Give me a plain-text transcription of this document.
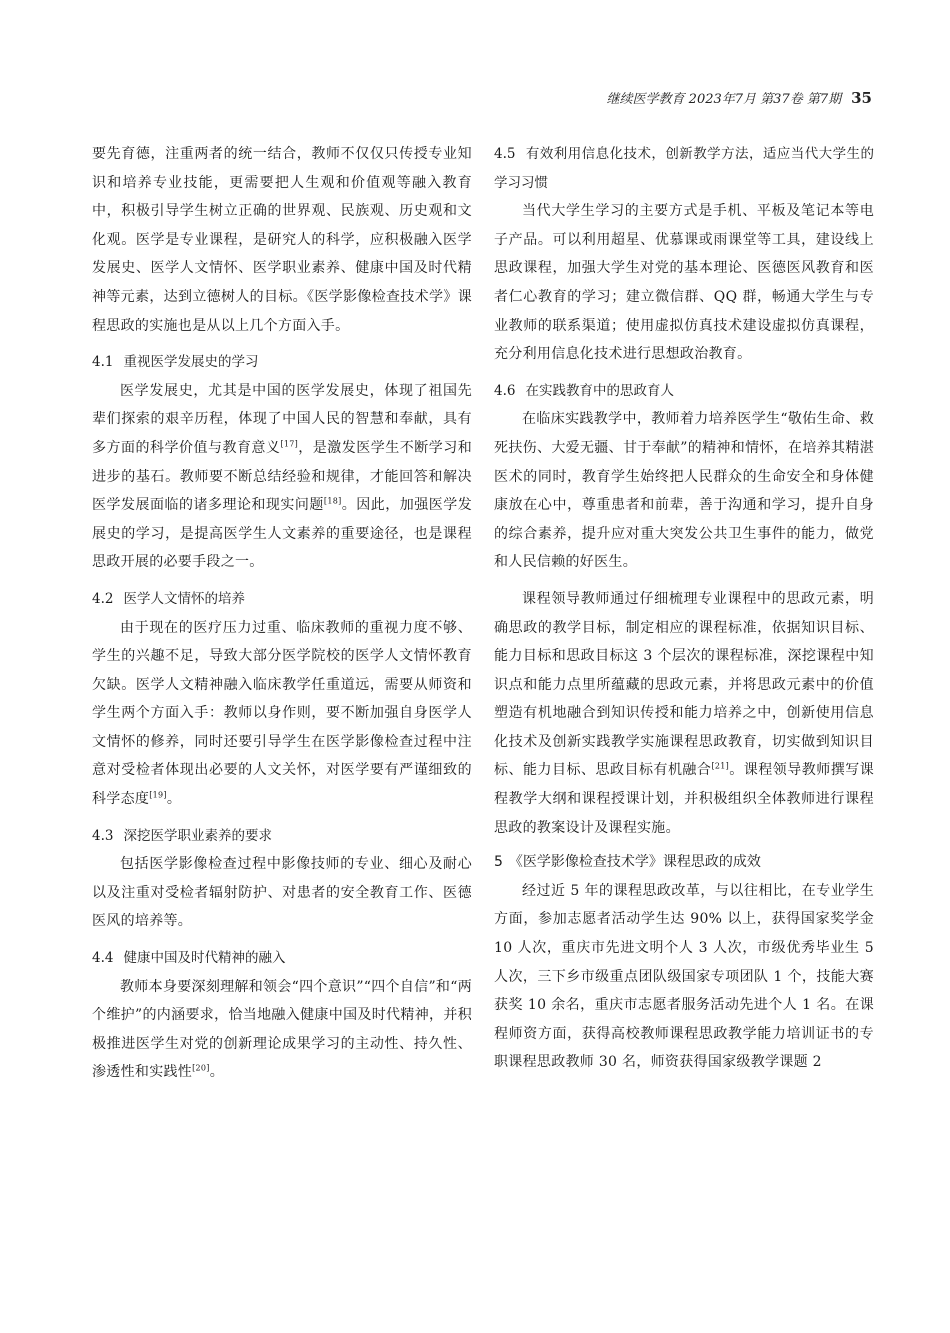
继续医学教育 2023年7月 第37卷 第7期 35

要先育德，注重两者的统一结合，教师不仅仅只传授专业知识和培养专业技能，更需要把人生观和价值观等融入教育中，积极引导学生树立正确的世界观、民族观、历史观和文化观。医学是专业课程，是研究人的科学，应积极融入医学发展史、医学人文情怀、医学职业素养、健康中国及时代精神等元素，达到立德树人的目标。《医学影像检查技术学》课程思政的实施也是从以上几个方面入手。

4.1 重视医学发展史的学习

医学发展史，尤其是中国的医学发展史，体现了祖国先辈们探索的艰辛历程，体现了中国人民的智慧和奉献，具有多方面的科学价值与教育意义[17]，是激发医学生不断学习和进步的基石。教师要不断总结经验和规律，才能回答和解决医学发展面临的诸多理论和现实问题[18]。因此，加强医学发展史的学习，是提高医学生人文素养的重要途径，也是课程思政开展的必要手段之一。

4.2 医学人文情怀的培养

由于现在的医疗压力过重、临床教师的重视力度不够、学生的兴趣不足，导致大部分医学院校的医学人文情怀教育欠缺。医学人文精神融入临床教学任重道远，需要从师资和学生两个方面入手：教师以身作则，要不断加强自身医学人文情怀的修养，同时还要引导学生在医学影像检查过程中注意对受检者体现出必要的人文关怀，对医学要有严谨细致的科学态度[19]。

4.3 深挖医学职业素养的要求

包括医学影像检查过程中影像技师的专业、细心及耐心以及注重对受检者辐射防护、对患者的安全教育工作、医德医风的培养等。

4.4 健康中国及时代精神的融入

教师本身要深刻理解和领会“四个意识”“四个自信”和“两个维护”的内涵要求，恰当地融入健康中国及时代精神，并积极推进医学生对党的创新理论成果学习的主动性、持久性、渗透性和实践性[20]。

4.5 有效利用信息化技术，创新教学方法，适应当代大学生的学习习惯

当代大学生学习的主要方式是手机、平板及笔记本等电子产品。可以利用超星、优慕课或雨课堂等工具，建设线上思政课程，加强大学生对党的基本理论、医德医风教育和医者仁心教育的学习；建立微信群、QQ 群，畅通大学生与专业教师的联系渠道；使用虚拟仿真技术建设虚拟仿真课程，充分利用信息化技术进行思想政治教育。

4.6 在实践教育中的思政育人

在临床实践教学中，教师着力培养医学生“敬佑生命、救死扶伤、大爱无疆、甘于奉献”的精神和情怀，在培养其精湛医术的同时，教育学生始终把人民群众的生命安全和身体健康放在心中，尊重患者和前辈，善于沟通和学习，提升自身的综合素养，提升应对重大突发公共卫生事件的能力，做党和人民信赖的好医生。

课程领导教师通过仔细梳理专业课程中的思政元素，明确思政的教学目标，制定相应的课程标准，依据知识目标、能力目标和思政目标这 3 个层次的课程标准，深挖课程中知识点和能力点里所蕴藏的思政元素，并将思政元素中的价值塑造有机地融合到知识传授和能力培养之中，创新使用信息化技术及创新实践教学实施课程思政教育，切实做到知识目标、能力目标、思政目标有机融合[21]。课程领导教师撰写课程教学大纲和课程授课计划，并积极组织全体教师进行课程思政的教案设计及课程实施。

5 《医学影像检查技术学》课程思政的成效

经过近 5 年的课程思政改革，与以往相比，在专业学生方面，参加志愿者活动学生达 90% 以上，获得国家奖学金 10 人次，重庆市先进文明个人 3 人次，市级优秀毕业生 5 人次，三下乡市级重点团队级国家专项团队 1 个，技能大赛获奖 10 余名，重庆市志愿者服务活动先进个人 1 名。在课程师资方面，获得高校教师课程思政教学能力培训证书的专职课程思政教师 30 名，师资获得国家级教学课题 2
